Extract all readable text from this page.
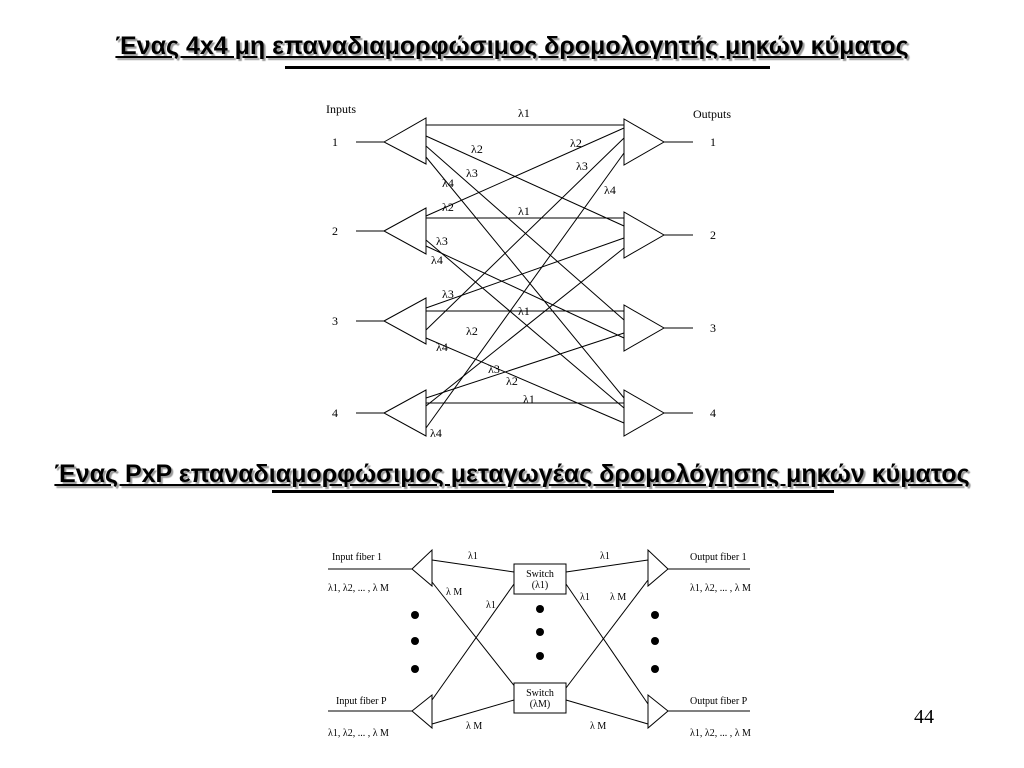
Ένας 4x4 μη επαναδιαμορφώσιμος δρομολογητής μηκών κύματος
Inputs	Outputs
1
2
3
4
1
2
3
4
λ1
λ2	λ2
λ3	λ3
λ4	λ4
λ2	λ1
λ3
λ4
λ3
λ1
λ2
λ4
λ3
λ2
λ1
λ4
Ένας PxP επαναδιαμορφώσιμος μεταγωγέας δρομολόγησης μηκών κύματος
Input fiber 1
λ1, λ2, ... , λ M
Input fiber P
λ1, λ2, ... , λ M
Output fiber 1
λ1, λ2, ... , λ M
Output fiber P
λ1, λ2, ... , λ M
Switch
(λ1)
Switch
(λM)
λ1	λ1
λ M
λ1
λ1 λ M
λ M	λ M	44
